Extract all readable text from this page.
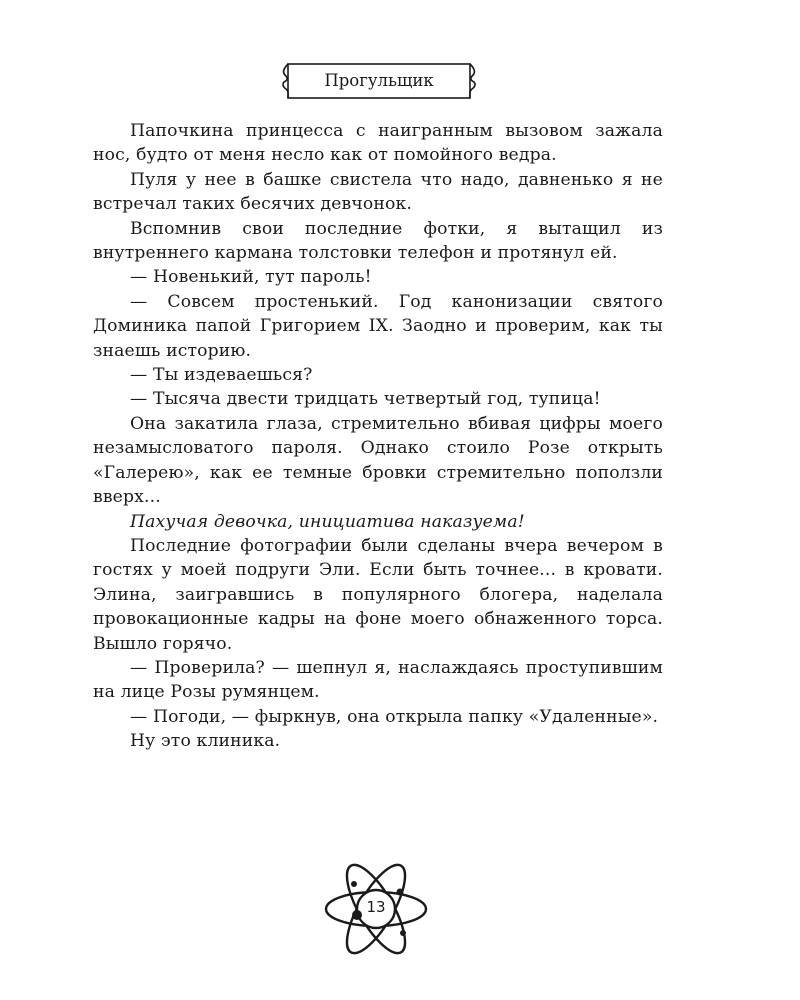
Прогульщик

Папочкина принцесса с наигранным вызовом зажала нос, будто от меня несло как от помойного ведра.

Пуля у нее в башке свистела что надо, давненько я не встречал таких бесячих девчонок.

Вспомнив свои последние фотки, я вытащил из внутреннего кармана толстовки телефон и протянул ей.

— Новенький, тут пароль!

— Совсем простенький. Год канонизации святого Доминика папой Григорием IX. Заодно и проверим, как ты знаешь историю.

— Ты издеваешься?

— Тысяча двести тридцать четвертый год, тупица!

Она закатила глаза, стремительно вбивая цифры моего незамысловатого пароля. Однако стоило Розе открыть «Галерею», как ее темные бровки стремительно поползли вверх...

Пахучая девочка, инициатива наказуема!

Последние фотографии были сделаны вчера вечером в гостях у моей подруги Эли. Если быть точнее... в кровати. Элина, заигравшись в популярного блогера, наделала провокационные кадры на фоне моего обнаженного торса. Вышло горячо.

— Проверила? — шепнул я, наслаждаясь проступившим на лице Розы румянцем.

— Погоди, — фыркнув, она открыла папку «Удаленные».

Ну это клиника.

13
